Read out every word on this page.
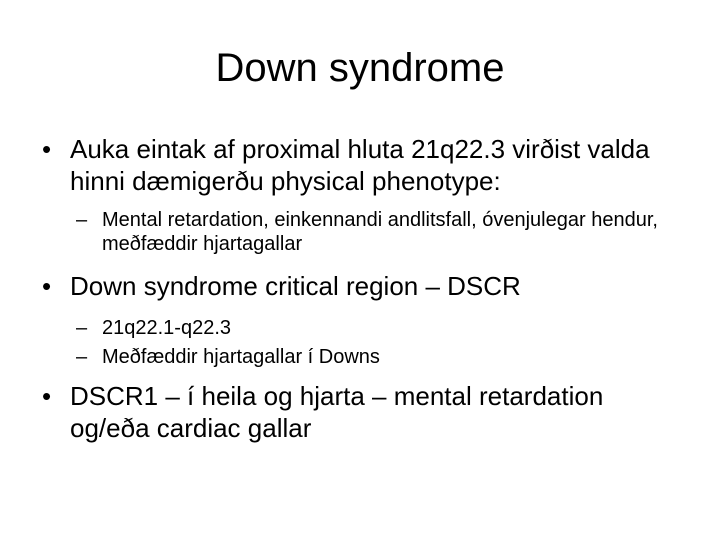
Down syndrome
• Auka eintak af proximal hluta 21q22.3 virðist valda hinni dæmigerðu physical phenotype:
– Mental retardation, einkennandi andlitsfall, óvenjulegar hendur, meðfæddir hjartagallar
• Down syndrome critical region – DSCR
– 21q22.1-q22.3
– Meðfæddir hjartagallar í Downs
• DSCR1 – í heila og hjarta – mental retardation og/eða cardiac gallar
